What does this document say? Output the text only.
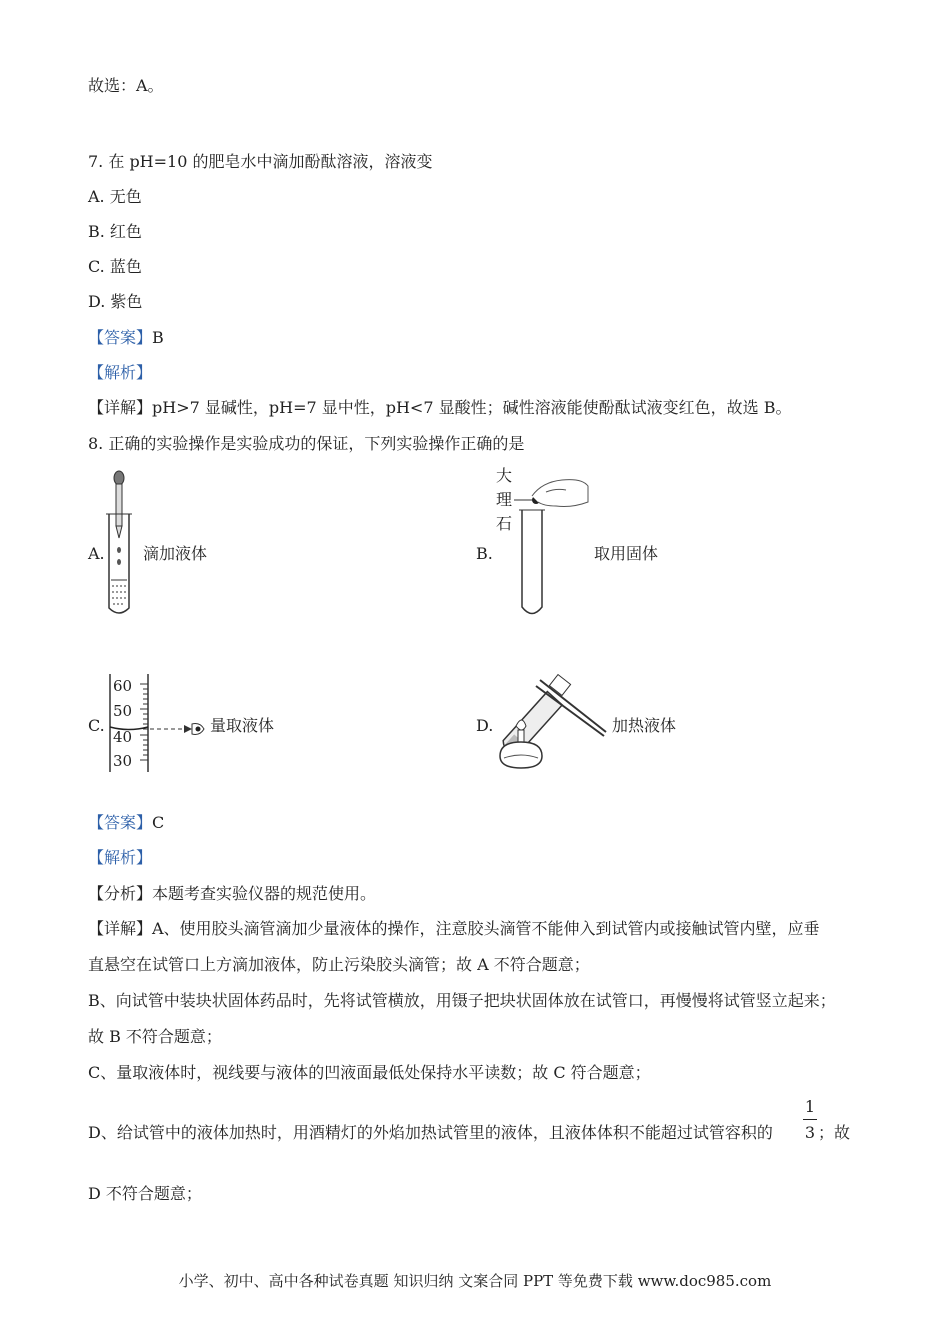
故选：A。
7. 在 pH=10 的肥皂水中滴加酚酞溶液，溶液变
A. 无色
B. 红色
C. 蓝色
D. 紫色
【答案】B
【解析】
【详解】pH>7 显碱性，pH=7 显中性，pH<7 显酸性；碱性溶液能使酚酞试液变红色，故选 B。
8. 正确的实验操作是实验成功的保证，下列实验操作正确的是
A. 滴加液体	B.
大
理
石
取用固体
C.
60
50
40
30
量取液体	D.	加热液体
【答案】C
【解析】
【分析】本题考查实验仪器的规范使用。
【详解】A、使用胶头滴管滴加少量液体的操作，注意胶头滴管不能伸入到试管内或接触试管内壁，应垂
直悬空在试管口上方滴加液体，防止污染胶头滴管；故 A 不符合题意；
B、向试管中装块状固体药品时，先将试管横放，用镊子把块状固体放在试管口，再慢慢将试管竖立起来；
故 B 不符合题意；
C、量取液体时，视线要与液体的凹液面最低处保持水平读数；故 C 符合题意；
D、给试管中的液体加热时，用酒精灯的外焰加热试管里的液体，且液体体积不能超过试管容积的
1
3 ；故
D 不符合题意；
小学、初中、高中各种试卷真题 知识归纳 文案合同 PPT 等免费下载 www.doc985.com
